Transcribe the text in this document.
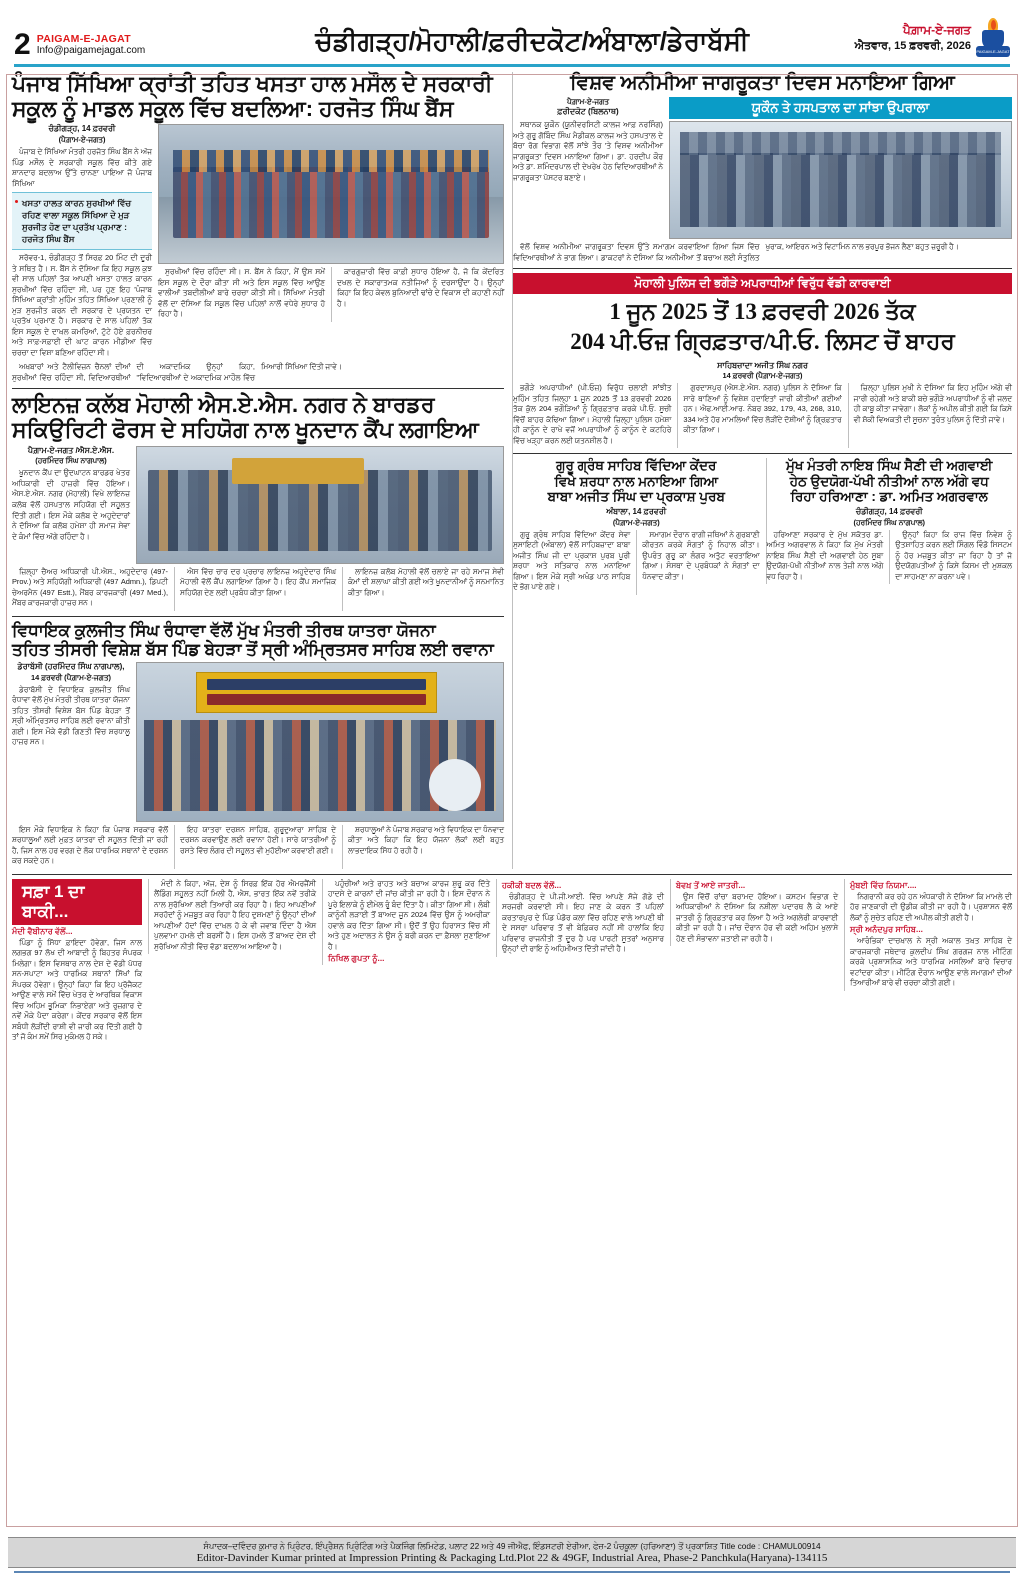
2 PAIGAM-E-JAGAT
Info@paigamejagat.com	ਚੰਡੀਗੜ੍ਹ/ਮੋਹਾਲੀ/ਫ਼ਰੀਦਕੋਟ/ਅੰਬਾਲਾ/ਡੇਰਾਬੱਸੀ	ਪੈਗ਼ਾਮ-ਏ-ਜਗਤ
ਐਤਵਾਰ, 15 ਫ਼ਰਵਰੀ, 2026 PAIGAM-E-JAGAT
ਪੰਜਾਬ ਸਿੱਖਿਆ ਕ੍ਰਾਂਤੀ ਤਹਿਤ ਖਸਤਾ ਹਾਲ ਮਸੌਲ ਦੇ ਸਰਕਾਰੀ
ਸਕੂਲ ਨੂੰ ਮਾਡਲ ਸਕੂਲ ਵਿੱਚ ਬਦਲਿਆ: ਹਰਜੋਤ ਸਿੰਘ ਬੈਂਸ
ਚੰਡੀਗੜ੍ਹ, 14 ਫ਼ਰਵਰੀ
(ਪੈਗ਼ਾਮ-ਏ-ਜਗਤ)

ਪੰਜਾਬ ਦੇ ਸਿੱਖਿਆ ਮੰਤਰੀ ਹਰਜੋਤ ਸਿੰਘ ਬੈਂਸ ਨੇ ਅੱਜ ਪਿੰਡ ਮਸੌਲ ਦੇ ਸਰਕਾਰੀ ਸਕੂਲ ਵਿੱਚ ਕੀਤੇ ਗਏ ਸ਼ਾਨਦਾਰ ਬਦਲਾਅ ਉੱਤੇ ਚਾਨਣਾ ਪਾਇਆ ਜੋ ਪੰਜਾਬ ਸਿੱਖਿਆ

ਖਸਤਾ ਹਾਲਤ ਕਾਰਨ ਸੁਰਖੀਆਂ ਵਿੱਚ ਰਹਿਣ ਵਾਲਾ ਸਕੂਲ ਸਿੱਖਿਆ ਦੇ ਮੁੜ ਸੁਰਜੀਤ ਹੋਣ ਦਾ ਪ੍ਰਤੱਖ ਪ੍ਰਮਾਣ : ਹਰਜੋਤ ਸਿੰਘ ਬੈਂਸ

ਸਰੋਵਰ-1, ਚੰਡੀਗੜ੍ਹ ਤੋਂ ਸਿਰਫ਼ 20 ਮਿੰਟ ਦੀ ਦੂਰੀ ਤੇ ਸਥਿਤ ਹੈ। ਸ. ਬੈਂਸ ਨੇ ਦੱਸਿਆ ਕਿ ਇਹ ਸਕੂਲ ਕੁਝ ਵੀ ਸਾਲ ਪਹਿਲਾਂ ਤੱਕ ਆਪਣੀ ਖਸਤਾ ਹਾਲਤ ਕਾਰਨ ਸੁਰਖੀਆਂ ਵਿੱਚ ਰਹਿੰਦਾ ਸੀ, ਪਰ ਹੁਣ ਇਹ 'ਪੰਜਾਬ ਸਿੱਖਿਆ ਕ੍ਰਾਂਤੀ' ਮੁਹਿੰਮ ਤਹਿਤ ਸਿੱਖਿਆ ਪ੍ਰਣਾਲੀ ਨੂੰ ਮੁੜ ਸੁਰਜੀਤ ਕਰਨ ਦੀ ਸਰਕਾਰ ਦੇ ਪ੍ਰਯਤਨ ਦਾ ਪ੍ਰਤੱਖ ਪ੍ਰਮਾਣ ਹੈ। ਸਰਕਾਰ ਦੇ ਸਾਲ ਪਹਿਲਾਂ ਤੱਕ ਇਸ ਸਕੂਲ ਦੇ ਦਾਖ਼ਲ ਕਮਰਿਆਂ, ਟੁੱਟੇ ਹੋਏ ਫ਼ਰਨੀਚਰ ਅਤੇ ਸਾਫ਼-ਸਫ਼ਾਈ ਦੀ ਘਾਟ ਕਾਰਨ ਮੀਡੀਆ ਵਿੱਚ ਚਰਚਾ ਦਾ ਵਿਸ਼ਾ ਬਣਿਆ ਰਹਿੰਦਾ ਸੀ।

ਸੁਰਖੀਆਂ ਵਿੱਚ ਰਹਿੰਦਾ ਸੀ। ਸ. ਬੈਂਸ ਨੇ ਕਿਹਾ, ਮੈਂ ਉਸ ਸਮੇਂ ਇਸ ਸਕੂਲ ਦੇ ਦੌਰਾ ਕੀਤਾ ਸੀ ਅਤੇ ਇਸ ਸਕੂਲ ਵਿੱਚ ਆਉਣ ਵਾਲੀਆਂ ਤਬਦੀਲੀਆਂ ਬਾਰੇ ਚਰਚਾ ਕੀਤੀ ਸੀ। ਸਿੱਖਿਆ ਮੰਤਰੀ ਵੱਲੋਂ ਦਾ ਦੱਸਿਆ ਕਿ ਸਕੂਲ ਵਿੱਚ ਪਹਿਲਾਂ ਨਾਲੋਂ ਵਧੇਰੇ ਸੁਧਾਰ ਹੋ ਰਿਹਾ ਹੈ।

ਕਾਰਗੁਜ਼ਾਰੀ ਵਿੱਚ ਕਾਫ਼ੀ ਸੁਧਾਰ ਹੋਇਆ ਹੈ, ਜੋ ਕਿ ਕੇਂਦਰਿਤ ਦਖਲ ਦੇ ਸਕਾਰਾਤਮਕ ਨਤੀਜਿਆਂ ਨੂੰ ਦਰਸਾਉਂਦਾ ਹੈ। ਉਨ੍ਹਾਂ ਕਿਹਾ ਕਿ ਇਹ ਕੇਵਲ ਬੁਨਿਆਦੀ ਢਾਂਚੇ ਦੇ ਵਿਕਾਸ ਦੀ ਕਹਾਣੀ ਨਹੀਂ ਹੈ।

ਅਖ਼ਬਾਰਾਂ ਅਤੇ ਟੈਲੀਵਿਜ਼ਨ ਚੈਨਲਾਂ ਦੀਆਂ ਸੁਰਖੀਆਂ ਵਿੱਚ ਰਹਿੰਦਾ ਸੀ, ਵਿਦਿਆਰਥੀਆਂ ਦੀ ਅਕਾਦਮਿਕ ਉਨ੍ਹਾਂ ਕਿਹਾ, "ਵਿਦਿਆਰਥੀਆਂ ਦੇ ਅਕਾਦਮਿਕ ਮਾਹੌਲ ਵਿੱਚ ਮਿਆਰੀ ਸਿੱਖਿਆ ਦਿੱਤੀ ਜਾਵੇ।

ਲਾਇਨਜ਼ ਕਲੱਬ ਮੋਹਾਲੀ ਐਸ.ਏ.ਐਸ. ਨਗਰ ਨੇ ਬਾਰਡਰ
ਸਕਿਉਰਿਟੀ ਫੋਰਸ ਦੇ ਸਹਿਯੋਗ ਨਾਲ ਖੂਨਦਾਨ ਕੈਂਪ ਲਗਾਇਆ
ਪੈਗ਼ਾਮ-ਏ-ਜਗਤ /ਐਸ.ਏ.ਐਸ.
(ਹਰਮਿੰਦਰ ਸਿੰਘ ਨਾਗਪਾਲ)

ਖੂਨਦਾਨ ਕੈਂਪ ਦਾ ਉਦਘਾਟਨ ਬਾਰਡਰ ਖੇਤਰ ਅਧਿਕਾਰੀ ਦੀ ਹਾਜ਼ਰੀ ਵਿੱਚ ਹੋਇਆ। ਐਸ.ਏ.ਐਸ. ਨਗਰ (ਮੋਹਾਲੀ) ਵਿਖੇ ਲਾਇਨਜ਼ ਕਲੱਬ ਵੱਲੋਂ ਹਸਪਤਾਲ ਸਹਿਯੋਗ ਦੀ ਸਹੂਲਤ ਦਿੱਤੀ ਗਈ। ਇਸ ਮੌਕੇ ਕਲੱਬ ਦੇ ਅਹੁਦੇਦਾਰਾਂ ਨੇ ਦੱਸਿਆ ਕਿ ਕਲੱਬ ਹਮੇਸ਼ਾ ਹੀ ਸਮਾਜ ਸੇਵਾ ਦੇ ਕੰਮਾਂ ਵਿੱਚ ਅੱਗੇ ਰਹਿੰਦਾ ਹੈ।

ਜ਼ਿਲ੍ਹਾ ਚੈਅਰ ਅਧਿਕਾਰੀ ਪੀ.ਐਸ., ਅਹੁਦੇਦਾਰ (497-Prov.) ਅਤੇ ਸਹਿਯੋਗੀ ਅਧਿਕਾਰੀ (497 Admn.), ਡਿਪਟੀ ਚੇਅਰਮੈਨ (497 Estt.), ਮੈਂਬਰ ਕਾਰਜਕਾਰੀ (497 Med.), ਮੈਂਬਰ ਕਾਰਜਕਾਰੀ ਹਾਜ਼ਰ ਸਨ।

ਐਸ ਵਿੱਚ ਚਾਰ ਦਰ ਪ੍ਰਚਾਰ ਲਾਇਨਜ਼ ਅਹੁਦੇਦਾਰ ਸਿੰਘ ਮੋਹਾਲੀ ਵੱਲੋਂ ਕੈਂਪ ਲਗਾਇਆ ਗਿਆ ਹੈ। ਇਹ ਕੈਂਪ ਸਮਾਜਿਕ ਸਹਿਯੋਗ ਦੇਣ ਲਈ ਪ੍ਰਬੰਧ ਕੀਤਾ ਗਿਆ।

ਲਾਇਨਜ਼ ਕਲੱਬ ਮੋਹਾਲੀ ਵੱਲੋਂ ਚਲਾਏ ਜਾ ਰਹੇ ਸਮਾਜ ਸੇਵੀ ਕੰਮਾਂ ਦੀ ਸ਼ਲਾਘਾ ਕੀਤੀ ਗਈ ਅਤੇ ਖੂਨਦਾਨੀਆਂ ਨੂੰ ਸਨਮਾਨਿਤ ਕੀਤਾ ਗਿਆ।

ਵਿਧਾਇਕ ਕੁਲਜੀਤ ਸਿੰਘ ਰੰਧਾਵਾ ਵੱਲੋਂ ਮੁੱਖ ਮੰਤਰੀ ਤੀਰਥ ਯਾਤਰਾ ਯੋਜਨਾ
ਤਹਿਤ ਤੀਸਰੀ ਵਿਸ਼ੇਸ਼ ਬੱਸ ਪਿੰਡ ਬੇਹੜਾ ਤੋਂ ਸ੍ਰੀ ਅੰਮ੍ਰਿਤਸਰ ਸਾਹਿਬ ਲਈ ਰਵਾਨਾ
ਡੇਰਾਬੱਸੀ (ਹਰਮਿੰਦਰ ਸਿੰਘ ਨਾਗਪਾਲ),
14 ਫ਼ਰਵਰੀ (ਪੈਗ਼ਾਮ-ਏ-ਜਗਤ)

ਡੇਰਾਬੱਸੀ ਦੇ ਵਿਧਾਇਕ ਕੁਲਜੀਤ ਸਿੰਘ ਰੰਧਾਵਾ ਵੱਲੋਂ ਮੁੱਖ ਮੰਤਰੀ ਤੀਰਥ ਯਾਤਰਾ ਯੋਜਨਾ ਤਹਿਤ ਤੀਸਰੀ ਵਿਸ਼ੇਸ਼ ਬੱਸ ਪਿੰਡ ਬੇਹੜਾ ਤੋਂ ਸ੍ਰੀ ਅੰਮ੍ਰਿਤਸਰ ਸਾਹਿਬ ਲਈ ਰਵਾਨਾ ਕੀਤੀ ਗਈ। ਇਸ ਮੌਕੇ ਵੱਡੀ ਗਿਣਤੀ ਵਿੱਚ ਸ਼ਰਧਾਲੂ ਹਾਜ਼ਰ ਸਨ।

ਇਸ ਮੌਕੇ ਵਿਧਾਇਕ ਨੇ ਕਿਹਾ ਕਿ ਪੰਜਾਬ ਸਰਕਾਰ ਵੱਲੋਂ ਸ਼ਰਧਾਲੂਆਂ ਲਈ ਮੁਫ਼ਤ ਯਾਤਰਾ ਦੀ ਸਹੂਲਤ ਦਿੱਤੀ ਜਾ ਰਹੀ ਹੈ, ਜਿਸ ਨਾਲ ਹਰ ਵਰਗ ਦੇ ਲੋਕ ਧਾਰਮਿਕ ਸਥਾਨਾਂ ਦੇ ਦਰਸ਼ਨ ਕਰ ਸਕਦੇ ਹਨ।

ਇਹ ਯਾਤਰਾ ਦਰਸ਼ਨ ਸਾਹਿਬ, ਗੁਰੂਦੁਆਰਾ ਸਾਹਿਬ ਦੇ ਦਰਸ਼ਨ ਕਰਵਾਉਣ ਲਈ ਰਵਾਨਾ ਹੋਈ। ਸਾਰੇ ਯਾਤਰੀਆਂ ਨੂੰ ਰਸਤੇ ਵਿੱਚ ਲੰਗਰ ਦੀ ਸਹੂਲਤ ਵੀ ਮੁਹੱਈਆ ਕਰਵਾਈ ਗਈ।

ਸ਼ਰਧਾਲੂਆਂ ਨੇ ਪੰਜਾਬ ਸਰਕਾਰ ਅਤੇ ਵਿਧਾਇਕ ਦਾ ਧੰਨਵਾਦ ਕੀਤਾ ਅਤੇ ਕਿਹਾ ਕਿ ਇਹ ਯੋਜਨਾ ਲੋਕਾਂ ਲਈ ਬਹੁਤ ਲਾਭਦਾਇਕ ਸਿੱਧ ਹੋ ਰਹੀ ਹੈ।

ਵਿਸ਼ਵ ਅਨੀਮੀਆ ਜਾਗਰੂਕਤਾ ਦਿਵਸ ਮਨਾਇਆ ਗਿਆ
ਪੈਗ਼ਾਮ-ਏ-ਜਗਤ
ਫ਼ਰੀਦਕੋਟ (ਬਿਲਨਾਥ)

ਸਥਾਨਕ ਯੂਕੌਨ (ਯੂਨੀਵਰਸਿਟੀ ਕਾਲਜ ਆਫ਼ ਨਰਸਿੰਗ) ਅਤੇ ਗੁਰੂ ਗੋਬਿੰਦ ਸਿੰਘ ਮੈਡੀਕਲ ਕਾਲਜ ਅਤੇ ਹਸਪਤਾਲ ਦੇ ਬੱਚਾ ਰੋਗ ਵਿਭਾਗ ਵੱਲੋਂ ਸਾਂਝੇ ਤੌਰ 'ਤੇ ਵਿਸ਼ਵ ਅਨੀਮੀਆ ਜਾਗਰੂਕਤਾ ਦਿਵਸ ਮਨਾਇਆ ਗਿਆ। ਡਾ. ਹਰਦੀਪ ਕੌਰ ਅਤੇ ਡਾ. ਸ਼ਮਿੰਦਰਪਾਲ ਦੀ ਦੇਖਰੇਖ ਹੇਠ ਵਿਦਿਆਰਥੀਆਂ ਨੇ ਜਾਗਰੂਕਤਾ ਪੋਸਟਰ ਬਣਾਏ।

ਯੂਕੌਨ ਤੇ ਹਸਪਤਾਲ ਦਾ ਸਾਂਝਾ ਉਪਰਾਲਾ

ਵੱਲੋਂ ਵਿਸ਼ਵ ਅਨੀਮੀਆ ਜਾਗਰੂਕਤਾ ਦਿਵਸ ਉੱਤੇ ਸਮਾਗਮ ਕਰਵਾਇਆ ਗਿਆ ਜਿਸ ਵਿੱਚ ਵਿਦਿਆਰਥੀਆਂ ਨੇ ਭਾਗ ਲਿਆ। ਡਾਕਟਰਾਂ ਨੇ ਦੱਸਿਆ ਕਿ ਅਨੀਮੀਆ ਤੋਂ ਬਚਾਅ ਲਈ ਸੰਤੁਲਿਤ ਖੁਰਾਕ, ਆਇਰਨ ਅਤੇ ਵਿਟਾਮਿਨ ਨਾਲ ਭਰਪੂਰ ਭੋਜਨ ਲੈਣਾ ਬਹੁਤ ਜ਼ਰੂਰੀ ਹੈ।

ਮੋਹਾਲੀ ਪੁਲਿਸ ਦੀ ਭਗੌੜੇ ਅਪਰਾਧੀਆਂ ਵਿਰੁੱਧ ਵੱਡੀ ਕਾਰਵਾਈ
1 ਜੂਨ 2025 ਤੋਂ 13 ਫ਼ਰਵਰੀ 2026 ਤੱਕ
204 ਪੀ.ਓਜ਼ ਗ੍ਰਿਫ਼ਤਾਰ/ਪੀ.ਓ. ਲਿਸਟ ਚੋਂ ਬਾਹਰ
ਸਾਹਿਬਜ਼ਾਦਾ ਅਜੀਤ ਸਿੰਘ ਨਗਰ
14 ਫ਼ਰਵਰੀ (ਪੈਗ਼ਾਮ-ਏ-ਜਗਤ)

ਭਗੌੜੇ ਅਪਰਾਧੀਆਂ (ਪੀ.ਓਜ਼) ਵਿਰੁੱਧ ਚਲਾਈ ਸਾਂਝੀਤ ਮੁਹਿੰਮ ਤਹਿਤ ਜਿਲ੍ਹਾ 1 ਜੂਨ 2025 ਤੋਂ 13 ਫ਼ਰਵਰੀ 2026 ਤੱਕ ਕੁੱਲ 204 ਭਗੌੜਿਆਂ ਨੂੰ ਗ੍ਰਿਫ਼ਤਾਰ ਕਰਕੇ ਪੀ.ਓ. ਸੂਚੀ ਵਿੱਚੋਂ ਬਾਹਰ ਕੱਢਿਆ ਗਿਆ। ਮੋਹਾਲੀ ਜ਼ਿਲ੍ਹਾ ਪੁਲਿਸ ਹਮੇਸ਼ਾ ਹੀ ਕਾਨੂੰਨ ਦੇ ਰਾਖੇ ਵਜੋਂ ਅਪਰਾਧੀਆਂ ਨੂੰ ਕਾਨੂੰਨ ਦੇ ਕਟਹਿਰੇ ਵਿੱਚ ਖੜ੍ਹਾ ਕਰਨ ਲਈ ਯਤਨਸ਼ੀਲ ਹੈ।

ਗੁਰਦਾਸਪੁਰ (ਐਸ.ਏ.ਐਸ. ਨਗਰ) ਪੁਲਿਸ ਨੇ ਦੱਸਿਆ ਕਿ ਸਾਰੇ ਥਾਣਿਆਂ ਨੂੰ ਵਿਸ਼ੇਸ਼ ਹਦਾਇਤਾਂ ਜਾਰੀ ਕੀਤੀਆਂ ਗਈਆਂ ਹਨ। ਐਫ.ਆਈ.ਆਰ. ਨੰਬਰ 392, 179, 43, 268, 310, 334 ਅਤੇ ਹੋਰ ਮਾਮਲਿਆਂ ਵਿੱਚ ਲੋੜੀਂਦੇ ਦੋਸ਼ੀਆਂ ਨੂੰ ਗ੍ਰਿਫ਼ਤਾਰ ਕੀਤਾ ਗਿਆ।

ਜ਼ਿਲ੍ਹਾ ਪੁਲਿਸ ਮੁਖੀ ਨੇ ਦੱਸਿਆ ਕਿ ਇਹ ਮੁਹਿੰਮ ਅੱਗੇ ਵੀ ਜਾਰੀ ਰਹੇਗੀ ਅਤੇ ਬਾਕੀ ਬਚੇ ਭਗੌੜੇ ਅਪਰਾਧੀਆਂ ਨੂੰ ਵੀ ਜਲਦ ਹੀ ਕਾਬੂ ਕੀਤਾ ਜਾਵੇਗਾ। ਲੋਕਾਂ ਨੂੰ ਅਪੀਲ ਕੀਤੀ ਗਈ ਕਿ ਕਿਸੇ ਵੀ ਸ਼ੱਕੀ ਵਿਅਕਤੀ ਦੀ ਸੂਚਨਾ ਤੁਰੰਤ ਪੁਲਿਸ ਨੂੰ ਦਿੱਤੀ ਜਾਵੇ।

ਗੁਰੂ ਗ੍ਰੰਥ ਸਾਹਿਬ ਵਿੱਦਿਆ ਕੇਂਦਰ
ਵਿਖੇ ਸ਼ਰਧਾ ਨਾਲ ਮਨਾਇਆ ਗਿਆ
ਬਾਬਾ ਅਜੀਤ ਸਿੰਘ ਦਾ ਪ੍ਰਕਾਸ਼ ਪੁਰਬ
ਅੰਬਾਲਾ, 14 ਫ਼ਰਵਰੀ
(ਪੈਗ਼ਾਮ-ਏ-ਜਗਤ)

ਗੁਰੂ ਗ੍ਰੰਥ ਸਾਹਿਬ ਵਿੱਦਿਆ ਕੇਂਦਰ ਸੇਵਾ ਸੁਸਾਇਟੀ (ਅੰਬਾਲਾ) ਵੱਲੋਂ ਸਾਹਿਬਜ਼ਾਦਾ ਬਾਬਾ ਅਜੀਤ ਸਿੰਘ ਜੀ ਦਾ ਪ੍ਰਕਾਸ਼ ਪੁਰਬ ਪੂਰੀ ਸ਼ਰਧਾ ਅਤੇ ਸਤਿਕਾਰ ਨਾਲ ਮਨਾਇਆ ਗਿਆ। ਇਸ ਮੌਕੇ ਸ੍ਰੀ ਅਖੰਡ ਪਾਠ ਸਾਹਿਬ ਦੇ ਭੋਗ ਪਾਏ ਗਏ।

ਸਮਾਗਮ ਦੌਰਾਨ ਰਾਗੀ ਜਥਿਆਂ ਨੇ ਗੁਰਬਾਣੀ ਕੀਰਤਨ ਕਰਕੇ ਸੰਗਤਾਂ ਨੂੰ ਨਿਹਾਲ ਕੀਤਾ। ਉਪਰੰਤ ਗੁਰੂ ਕਾ ਲੰਗਰ ਅਤੁੱਟ ਵਰਤਾਇਆ ਗਿਆ। ਸੰਸਥਾ ਦੇ ਪ੍ਰਬੰਧਕਾਂ ਨੇ ਸੰਗਤਾਂ ਦਾ ਧੰਨਵਾਦ ਕੀਤਾ।

ਮੁੱਖ ਮੰਤਰੀ ਨਾਇਬ ਸਿੰਘ ਸੈਣੀ ਦੀ ਅਗਵਾਈ
ਹੇਠ ਉਦਯੋਗ-ਪੱਖੀ ਨੀਤੀਆਂ ਨਾਲ ਅੱਗੇ ਵਧ
ਰਿਹਾ ਹਰਿਆਣਾ : ਡਾ. ਅਮਿਤ ਅਗਰਵਾਲ
ਚੰਡੀਗੜ੍ਹ, 14 ਫ਼ਰਵਰੀ
(ਹਰਮਿੰਦਰ ਸਿੰਘ ਨਾਗਪਾਲ)

ਹਰਿਆਣਾ ਸਰਕਾਰ ਦੇ ਮੁੱਖ ਸਕੱਤਰ ਡਾ. ਅਮਿਤ ਅਗਰਵਾਲ ਨੇ ਕਿਹਾ ਕਿ ਮੁੱਖ ਮੰਤਰੀ ਨਾਇਬ ਸਿੰਘ ਸੈਣੀ ਦੀ ਅਗਵਾਈ ਹੇਠ ਸੂਬਾ ਉਦਯੋਗ-ਪੱਖੀ ਨੀਤੀਆਂ ਨਾਲ ਤੇਜ਼ੀ ਨਾਲ ਅੱਗੇ ਵਧ ਰਿਹਾ ਹੈ।

ਉਨ੍ਹਾਂ ਕਿਹਾ ਕਿ ਰਾਜ ਵਿੱਚ ਨਿਵੇਸ਼ ਨੂੰ ਉਤਸ਼ਾਹਿਤ ਕਰਨ ਲਈ ਸਿੰਗਲ ਵਿੰਡੋ ਸਿਸਟਮ ਨੂੰ ਹੋਰ ਮਜ਼ਬੂਤ ਕੀਤਾ ਜਾ ਰਿਹਾ ਹੈ ਤਾਂ ਜੋ ਉਦਯੋਗਪਤੀਆਂ ਨੂੰ ਕਿਸੇ ਕਿਸਮ ਦੀ ਮੁਸ਼ਕਲ ਦਾ ਸਾਹਮਣਾ ਨਾ ਕਰਨਾ ਪਵੇ।

ਸਫ਼ਾ 1 ਦਾ ਬਾਕੀ...
ਮੰਦੀ ਵੈਬੀਨਾਰ ਵੱਲੋਂ...

ਪਿੰਡਾ ਨੂੰ ਸਿੱਧਾ ਫ਼ਾਇਦਾ ਹੋਵੇਗਾ, ਜਿਸ ਨਾਲ ਲਗਭਗ 97 ਲੱਖ ਦੀ ਆਬਾਦੀ ਨੂੰ ਬਿਹਤਰ ਸੰਪਰਕ ਮਿਲੇਗਾ। ਇਸ ਵਿਸਥਾਰ ਨਾਲ ਦੇਸ਼ ਦੇ ਵੱਡੀ ਪੱਧਰ ਸਨ-ਸਪਾਟਾ ਅਤੇ ਧਾਰਮਿਕ ਸਥਾਨਾਂ ਸਿੱਖਾਂ ਕਿ ਸੰਪਰਕ ਹੋਵੇਗਾ। ਉਨ੍ਹਾਂ ਕਿਹਾ ਕਿ ਇਹ ਪ੍ਰੋਜੈਕਟ ਆਉਣ ਵਾਲੇ ਸਮੇਂ ਵਿੱਚ ਖੇਤਰ ਦੇ ਆਰਥਿਕ ਵਿਕਾਸ ਵਿੱਚ ਅਹਿਮ ਭੂਮਿਕਾ ਨਿਭਾਏਗਾ ਅਤੇ ਰੁਜ਼ਗਾਰ ਦੇ ਨਵੇਂ ਮੌਕੇ ਪੈਦਾ ਕਰੇਗਾ। ਕੇਂਦਰ ਸਰਕਾਰ ਵੱਲੋਂ ਇਸ ਸਬੰਧੀ ਲੋੜੀਂਦੀ ਰਾਸ਼ੀ ਵੀ ਜਾਰੀ ਕਰ ਦਿੱਤੀ ਗਈ ਹੈ ਤਾਂ ਜੋ ਕੰਮ ਸਮੇਂ ਸਿਰ ਮੁਕੰਮਲ ਹੋ ਸਕੇ।

ਮੰਦੀ ਨੇ ਕਿਹਾ, ਅੱਜ, ਦੇਸ਼ ਨੂੰ ਸਿਰਫ਼ ਇੱਕ ਹੋਰ ਐਮਰਜੈਂਸੀ ਲੈਂਡਿੰਗ ਸਹੂਲਤ ਨਹੀਂ ਮਿਲੀ ਹੈ, ਐਸ, ਭਾਰਤ ਇੱਕ ਨਵੇਂ ਤਰੀਕੇ ਨਾਲ ਸੁਰੱਖਿਆ ਲਈ ਤਿਆਰੀ ਕਰ ਰਿਹਾ ਹੈ। ਇਹ ਆਪਣੀਆਂ ਸਰਹੱਦਾਂ ਨੂੰ ਮਜ਼ਬੂਤ ਕਰ ਰਿਹਾ ਹੈ ਇਹ ਦੁਸ਼ਮਣਾਂ ਨੂੰ ਉਨ੍ਹਾਂ ਦੀਆਂ ਆਪਣੀਆਂ ਹੱਦਾਂ ਵਿੱਚ ਦਾਖ਼ਲ ਹੋ ਕੇ ਵੀ ਜਵਾਬ ਦਿੰਦਾ ਹੈ ਐਸ ਪੁਲਵਾਮਾ ਹਮਲੇ ਦੀ ਬਰਸੀਂ ਹੈ। ਇਸ ਹਮਲੇ ਤੋਂ ਬਾਅਦ ਦੇਸ਼ ਦੀ ਸੁਰੱਖਿਆ ਨੀਤੀ ਵਿੱਚ ਵੱਡਾ ਬਦਲਾਅ ਆਇਆ ਹੈ।

ਪਹੁੰਚੀਆਂ ਅਤੇ ਰਾਹਤ ਅਤੇ ਬਚਾਅ ਕਾਰਜ ਸ਼ੁਰੂ ਕਰ ਦਿੱਤੇ ਹਾਦਸੇ ਦੇ ਕਾਰਨਾਂ ਦੀ ਜਾਂਚ ਕੀਤੀ ਜਾ ਰਹੀ ਹੈ। ਇਸ ਦੌਰਾਨ ਨੇ ਪੂਰੇ ਇਲਾਕੇ ਨੂੰ ਈਮੇਲ ਰੂੰ ਬੰਦ ਦਿੱਤਾ ਹੈ। ਕੀਤਾ ਗਿਆ ਸੀ। ਲੰਬੀ ਕਾਨੂੰਨੀ ਲੜਾਈ ਤੋਂ ਬਾਅਦ ਜੂਨ 2024 ਵਿੱਚ ਉਸ ਨੂੰ ਅਮਰੀਕਾ ਹਵਾਲੇ ਕਰ ਦਿੱਤਾ ਗਿਆ ਸੀ। ਉਦੋਂ ਤੋਂ ਉਹ ਹਿਰਾਸਤ ਵਿੱਚ ਸੀ ਅਤੇ ਹੁਣ ਅਦਾਲਤ ਨੇ ਉਸ ਨੂੰ ਬਰੀ ਕਰਨ ਦਾ ਫ਼ੈਸਲਾ ਸੁਣਾਇਆ ਹੈ।

ਨਿਖਿਲ ਗੁਪਤਾ ਨੂੰ...
ਹਕੀਕੀ ਬਦਲ ਵੱਲੋਂ...

ਚੰਡੀਗੜ੍ਹ ਦੇ ਪੀ.ਜੀ.ਆਈ. ਵਿੱਚ ਆਪਣੇ ਸੱਜੇ ਗੋਡੇ ਦੀ ਸਰਜਰੀ ਕਰਵਾਈ ਸੀ। ਇਹ ਜਾਣ ਕੇ ਕਰਨ ਤੋਂ ਪਹਿਲਾਂ ਕਰਤਾਰਪੁਰ ਦੇ ਪਿੰਡ ਪੰਡੋਰ ਕਲਾ ਵਿੱਚ ਰਹਿਣ ਵਾਲੇ ਆਪਣੀ ਥੀ ਦੇ ਸਸਰਾ ਪਰਿਵਾਰ ਤੋਂ ਵੀ ਬੇਫ਼ਿਕਰ ਨਹੀਂ ਸੀ ਹਾਲਾਂਕਿ ਇਹ ਪਰਿਵਾਰ ਰਾਜਨੀਤੀ ਤੋਂ ਦੂਰ ਹੈ ਪਰ ਪਾਰਟੀ ਸੂਤਰਾਂ ਅਨੁਸਾਰ ਉਨ੍ਹਾਂ ਦੀ ਰਾਇ ਨੂੰ ਅਹਿਮੀਅਤ ਦਿੱਤੀ ਜਾਂਦੀ ਹੈ।

ਬੇਵਖ਼ ਤੋਂ ਆਏ ਜਾਤਰੀ...

ਉਸ ਵਿੱਚੋਂ ਰਾਂਚਾ ਬਰਾਮਦ ਹੋਇਆ। ਕਸਟਮ ਵਿਭਾਗ ਦੇ ਅਧਿਕਾਰੀਆਂ ਨੇ ਦੱਸਿਆ ਕਿ ਨਸ਼ੀਲਾ ਪਦਾਰਥ ਲੈ ਕੇ ਆਏ ਜਾਤਰੀ ਨੂੰ ਗ੍ਰਿਫ਼ਤਾਰ ਕਰ ਲਿਆ ਹੈ ਅਤੇ ਅਗਲੇਰੀ ਕਾਰਵਾਈ ਕੀਤੀ ਜਾ ਰਹੀ ਹੈ। ਜਾਂਚ ਦੌਰਾਨ ਹੋਰ ਵੀ ਕਈ ਅਹਿਮ ਖੁਲਾਸੇ ਹੋਣ ਦੀ ਸੰਭਾਵਨਾ ਜਤਾਈ ਜਾ ਰਹੀ ਹੈ।

ਮੁੰਬਈ ਵਿੱਚ ਨਿਯਮਾ....

ਨਿਗਰਾਨੀ ਕਰ ਰਹੇ ਹਨ ਅੰਧਕਾਰੀ ਨੇ ਦੱਸਿਆ ਕਿ ਮਾਮਲੇ ਦੀ ਹੋਰ ਜਾਣਕਾਰੀ ਦੀ ਉਡੀਕ ਕੀਤੀ ਜਾ ਰਹੀ ਹੈ। ਪ੍ਰਸ਼ਾਸਨ ਵੱਲੋਂ ਲੋਕਾਂ ਨੂੰ ਸੁਚੇਤ ਰਹਿਣ ਦੀ ਅਪੀਲ ਕੀਤੀ ਗਈ ਹੈ।

ਸ੍ਰੀ ਅਨੰਦਪੁਰ ਸਾਹਿਬ...

ਆਰੰਭਿਕਾ ਦਾਚਖ਼ਾਲ ਨੇ ਸ੍ਰੀ ਅਕਾਲ ਤਖ਼ਤ ਸਾਹਿਬ ਦੇ ਕਾਰਜਕਾਰੀ ਜਥੇਦਾਰ ਕੁਲਦੀਪ ਸਿੰਘ ਗਰਗਜ ਨਾਲ ਮੀਟਿੰਗ ਕਰਕੇ ਪ੍ਰਸ਼ਾਸਨਿਕ ਅਤੇ ਧਾਰਮਿਕ ਮਸਲਿਆਂ ਬਾਰੇ ਵਿਚਾਰ ਵਟਾਂਦਰਾ ਕੀਤਾ। ਮੀਟਿੰਗ ਦੌਰਾਨ ਆਉਣ ਵਾਲੇ ਸਮਾਗਮਾਂ ਦੀਆਂ ਤਿਆਰੀਆਂ ਬਾਰੇ ਵੀ ਚਰਚਾ ਕੀਤੀ ਗਈ।

ਸੰਪਾਦਕ–ਦਵਿੰਦਰ ਕੁਮਾਰ ਨੇ ਪ੍ਰਿੰਟਰ, ਇੰਪ੍ਰੈਸ਼ਨ ਪ੍ਰਿੰਟਿੰਗ ਅਤੇ ਪੈਕਜਿੰਗ ਲਿਮਿਟੇਡ, ਪਲਾਟ 22 ਅਤੇ 49 ਜੀਐਫ, ਇੰਡਸਟਰੀ ਏਰੀਆ, ਫੇਜ਼-2 ਪੰਚਕੂਲਾ (ਹਰਿਆਣਾ) ਤੋਂ ਪ੍ਰਕਾਸ਼ਿਤ Title code : CHAMUL00914
Editor-Davinder Kumar printed at Impression Printing & Packaging Ltd.Plot 22 & 49GF, Industrial Area, Phase-2 Panchkula(Haryana)-134115
